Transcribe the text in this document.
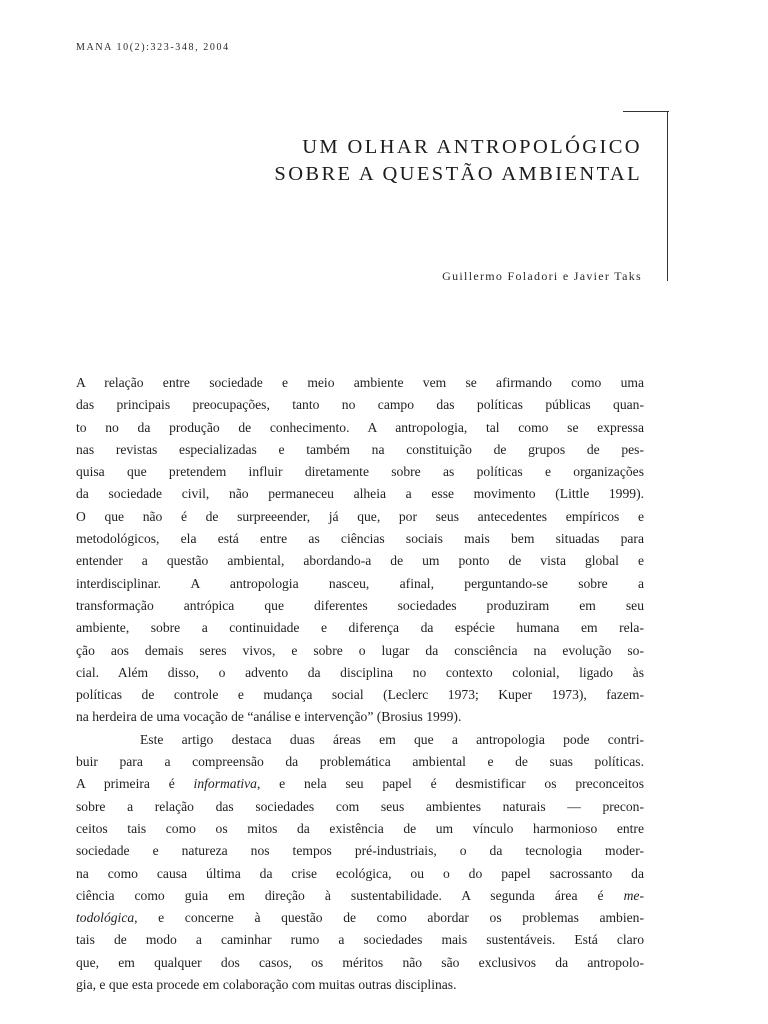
MANA 10(2):323-348, 2004
UM OLHAR ANTROPOLÓGICO
SOBRE A QUESTÃO AMBIENTAL
Guillermo Foladori e Javier Taks
A relação entre sociedade e meio ambiente vem se afirmando como uma
das principais preocupações, tanto no campo das políticas públicas quan-
to no da produção de conhecimento. A antropologia, tal como se expressa
nas revistas especializadas e também na constituição de grupos de pes-
quisa que pretendem influir diretamente sobre as políticas e organizações
da sociedade civil, não permaneceu alheia a esse movimento (Little 1999).
O que não é de surpreeender, já que, por seus antecedentes empíricos e
metodológicos, ela está entre as ciências sociais mais bem situadas para
entender a questão ambiental, abordando-a de um ponto de vista global e
interdisciplinar. A antropologia nasceu, afinal, perguntando-se sobre a
transformação antrópica que diferentes sociedades produziram em seu
ambiente, sobre a continuidade e diferença da espécie humana em rela-
ção aos demais seres vivos, e sobre o lugar da consciência na evolução so-
cial. Além disso, o advento da disciplina no contexto colonial, ligado às
políticas de controle e mudança social (Leclerc 1973; Kuper 1973), fazem-
na herdeira de uma vocação de “análise e intervenção” (Brosius 1999).
Este artigo destaca duas áreas em que a antropologia pode contri-
buir para a compreensão da problemática ambiental e de suas políticas.
A primeira é informativa, e nela seu papel é desmistificar os preconceitos
sobre a relação das sociedades com seus ambientes naturais — precon-
ceitos tais como os mitos da existência de um vínculo harmonioso entre
sociedade e natureza nos tempos pré-industriais, o da tecnologia moder-
na como causa última da crise ecológica, ou o do papel sacrossanto da
ciência como guia em direção à sustentabilidade. A segunda área é me-
todológica, e concerne à questão de como abordar os problemas ambien-
tais de modo a caminhar rumo a sociedades mais sustentáveis. Está claro
que, em qualquer dos casos, os méritos não são exclusivos da antropolo-
gia, e que esta procede em colaboração com muitas outras disciplinas.
